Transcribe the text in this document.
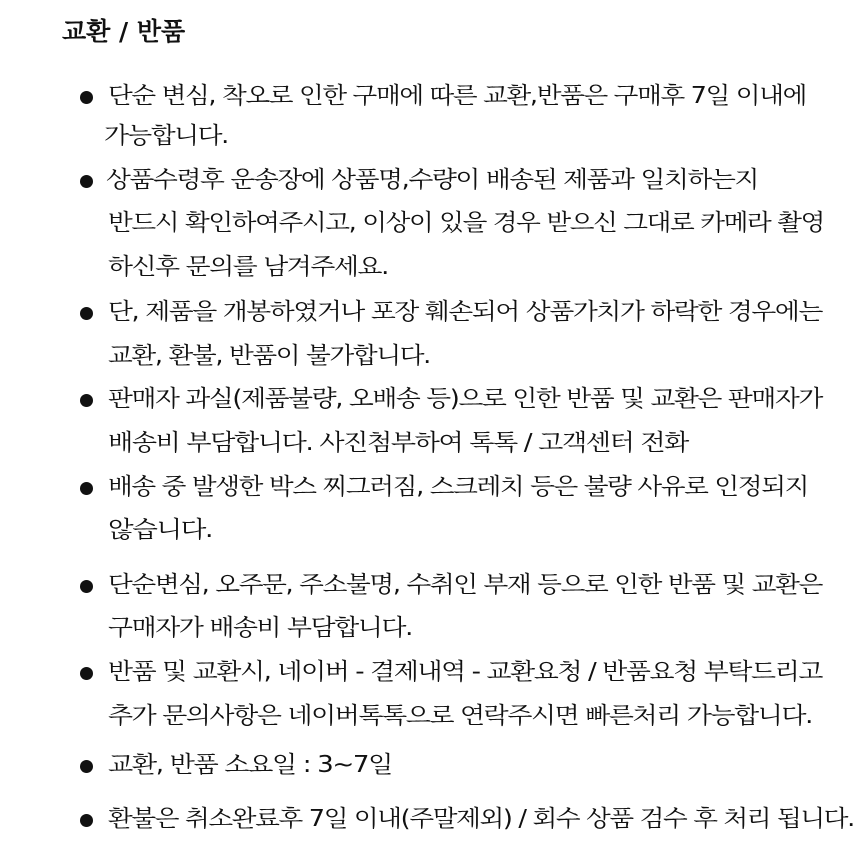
교환 / 반품
단순 변심, 착오로 인한 구매에 따른 교환,반품은 구매후 7일 이내에
가능합니다.
상품수령후 운송장에 상품명,수량이 배송된 제품과 일치하는지
반드시 확인하여주시고, 이상이 있을 경우 받으신 그대로 카메라 촬영
하신후 문의를 남겨주세요.
단, 제품을 개봉하였거나 포장 훼손되어 상품가치가 하락한 경우에는
교환, 환불, 반품이 불가합니다.
판매자 과실(제품불량, 오배송 등)으로 인한 반품 및 교환은 판매자가
배송비 부담합니다. 사진첨부하여 톡톡 / 고객센터 전화
배송 중 발생한 박스 찌그러짐, 스크레치 등은 불량 사유로 인정되지
않습니다.
단순변심, 오주문, 주소불명, 수취인 부재 등으로 인한 반품 및 교환은
구매자가 배송비 부담합니다.
반품 및 교환시, 네이버 - 결제내역 - 교환요청 / 반품요청 부탁드리고
추가 문의사항은 네이버톡톡으로 연락주시면 빠른처리 가능합니다.
교환, 반품 소요일 : 3~7일
환불은 취소완료후 7일 이내(주말제외) / 회수 상품 검수 후 처리 됩니다.
